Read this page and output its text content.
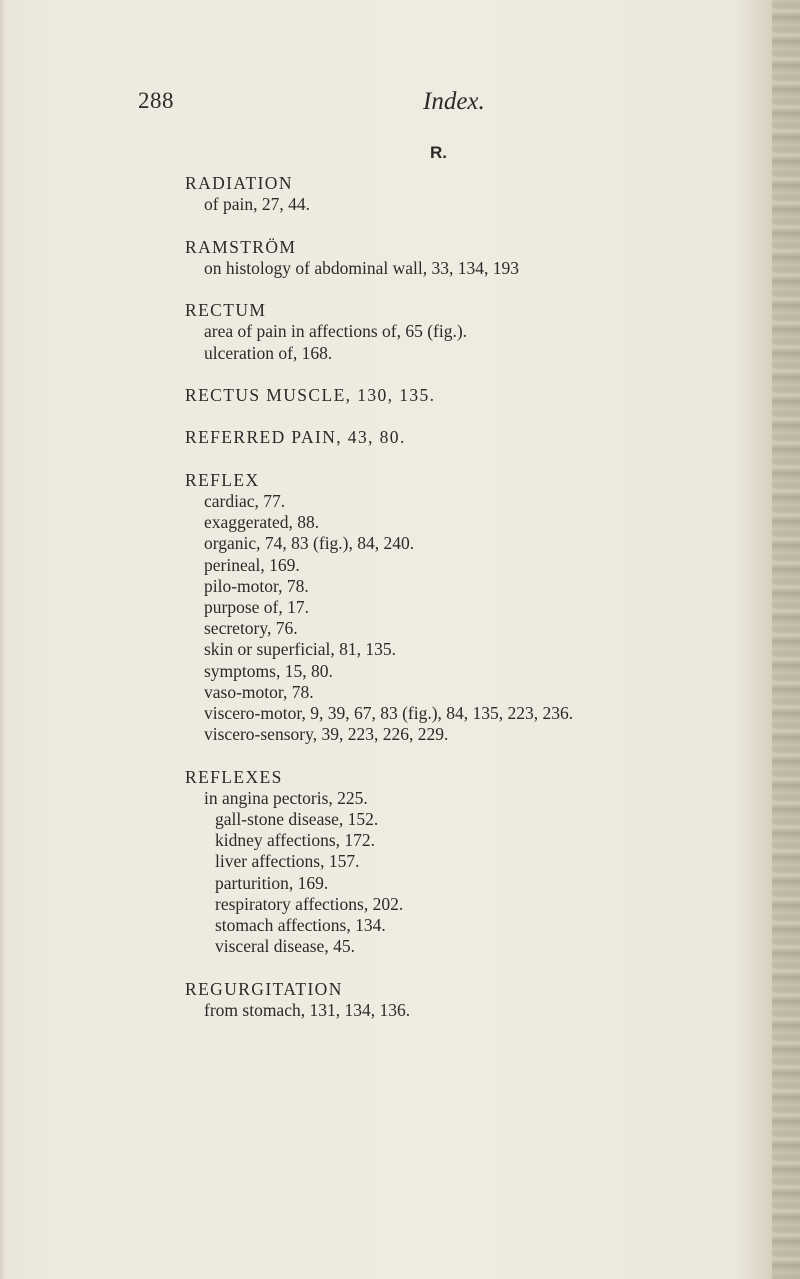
288	Index.
R.
RADIATION
of pain, 27, 44.
RAMSTRÖM
on histology of abdominal wall, 33, 134, 193
RECTUM
area of pain in affections of, 65 (fig.).
ulceration of, 168.
RECTUS MUSCLE, 130, 135.
REFERRED PAIN, 43, 80.
REFLEX
cardiac, 77.
exaggerated, 88.
organic, 74, 83 (fig.), 84, 240.
perineal, 169.
pilo-motor, 78.
purpose of, 17.
secretory, 76.
skin or superficial, 81, 135.
symptoms, 15, 80.
vaso-motor, 78.
viscero-motor, 9, 39, 67, 83 (fig.), 84, 135, 223, 236.
viscero-sensory, 39, 223, 226, 229.
REFLEXES
in angina pectoris, 225.
gall-stone disease, 152.
kidney affections, 172.
liver affections, 157.
parturition, 169.
respiratory affections, 202.
stomach affections, 134.
visceral disease, 45.
REGURGITATION
from stomach, 131, 134, 136.
